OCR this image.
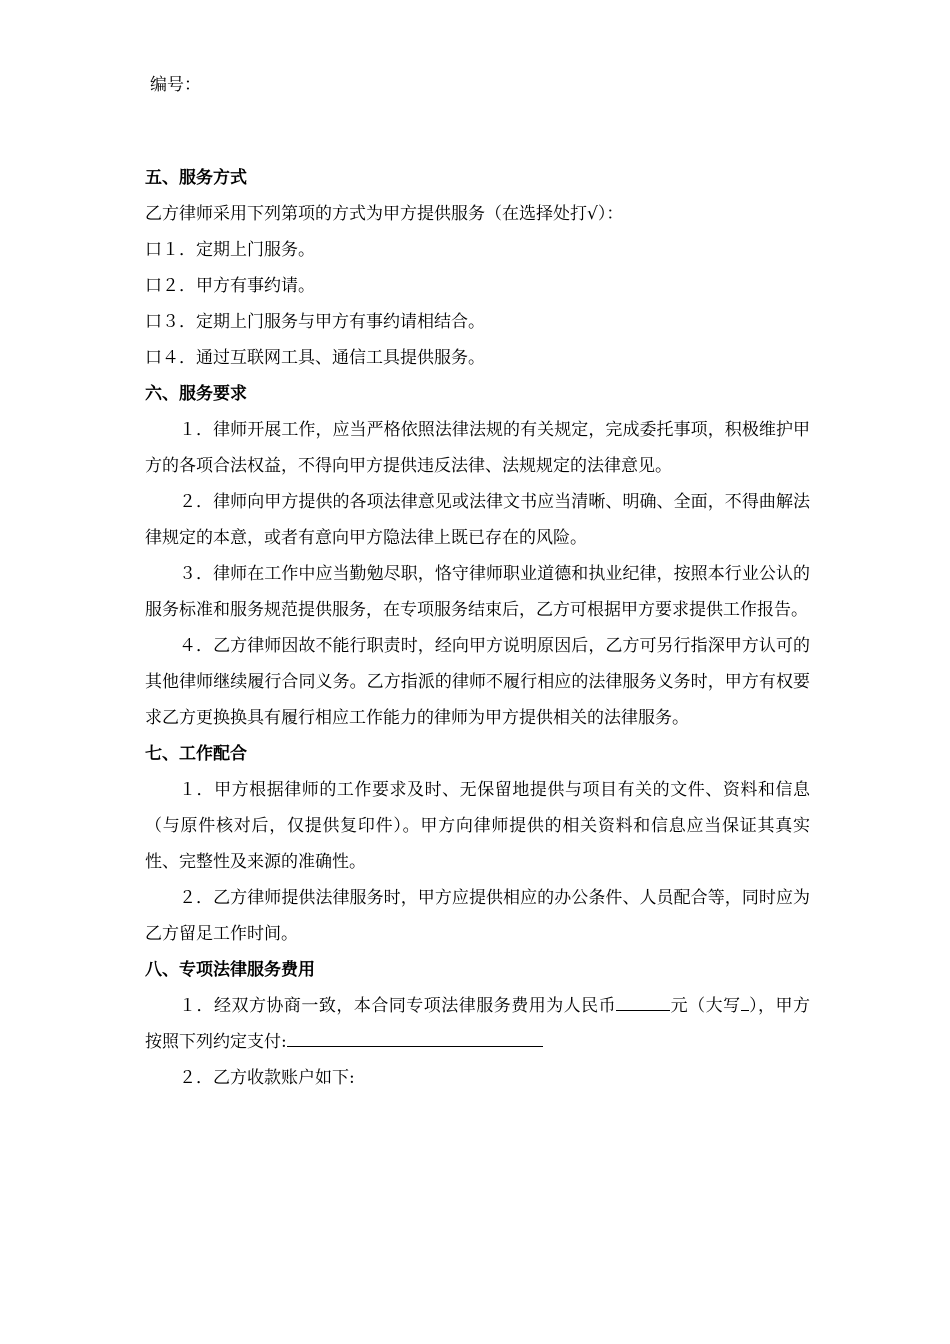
编号：

五、服务方式

乙方律师采用下列第项的方式为甲方提供服务（在选择处打√）：

口１．定期上门服务。

口２．甲方有事约请。

口３．定期上门服务与甲方有事约请相结合。

口４．通过互联网工具、通信工具提供服务。

六、服务要求

１．律师开展工作，应当严格依照法律法规的有关规定，完成委托事项，积极维护甲方的各项合法权益，不得向甲方提供违反法律、法规规定的法律意见。

２．律师向甲方提供的各项法律意见或法律文书应当清晰、明确、全面，不得曲解法律规定的本意，或者有意向甲方隐法律上既已存在的风险。

３．律师在工作中应当勤勉尽职，恪守律师职业道德和执业纪律，按照本行业公认的服务标准和服务规范提供服务，在专项服务结束后，乙方可根据甲方要求提供工作报告。

４．乙方律师因故不能行职责时，经向甲方说明原因后，乙方可另行指深甲方认可的其他律师继续履行合同义务。乙方指派的律师不履行相应的法律服务义务时，甲方有权要求乙方更换换具有履行相应工作能力的律师为甲方提供相关的法律服务。

七、工作配合

１．甲方根据律师的工作要求及时、无保留地提供与项目有关的文件、资料和信息（与原件核对后，仅提供复印件）。甲方向律师提供的相关资料和信息应当保证其真实性、完整性及来源的准确性。

２．乙方律师提供法律服务时，甲方应提供相应的办公条件、人员配合等，同时应为乙方留足工作时间。

八、专项法律服务费用

１．经双方协商一致，本合同专项法律服务费用为人民币	元（大写 ），甲方按照下列约定支付:

２．乙方收款账户如下:
